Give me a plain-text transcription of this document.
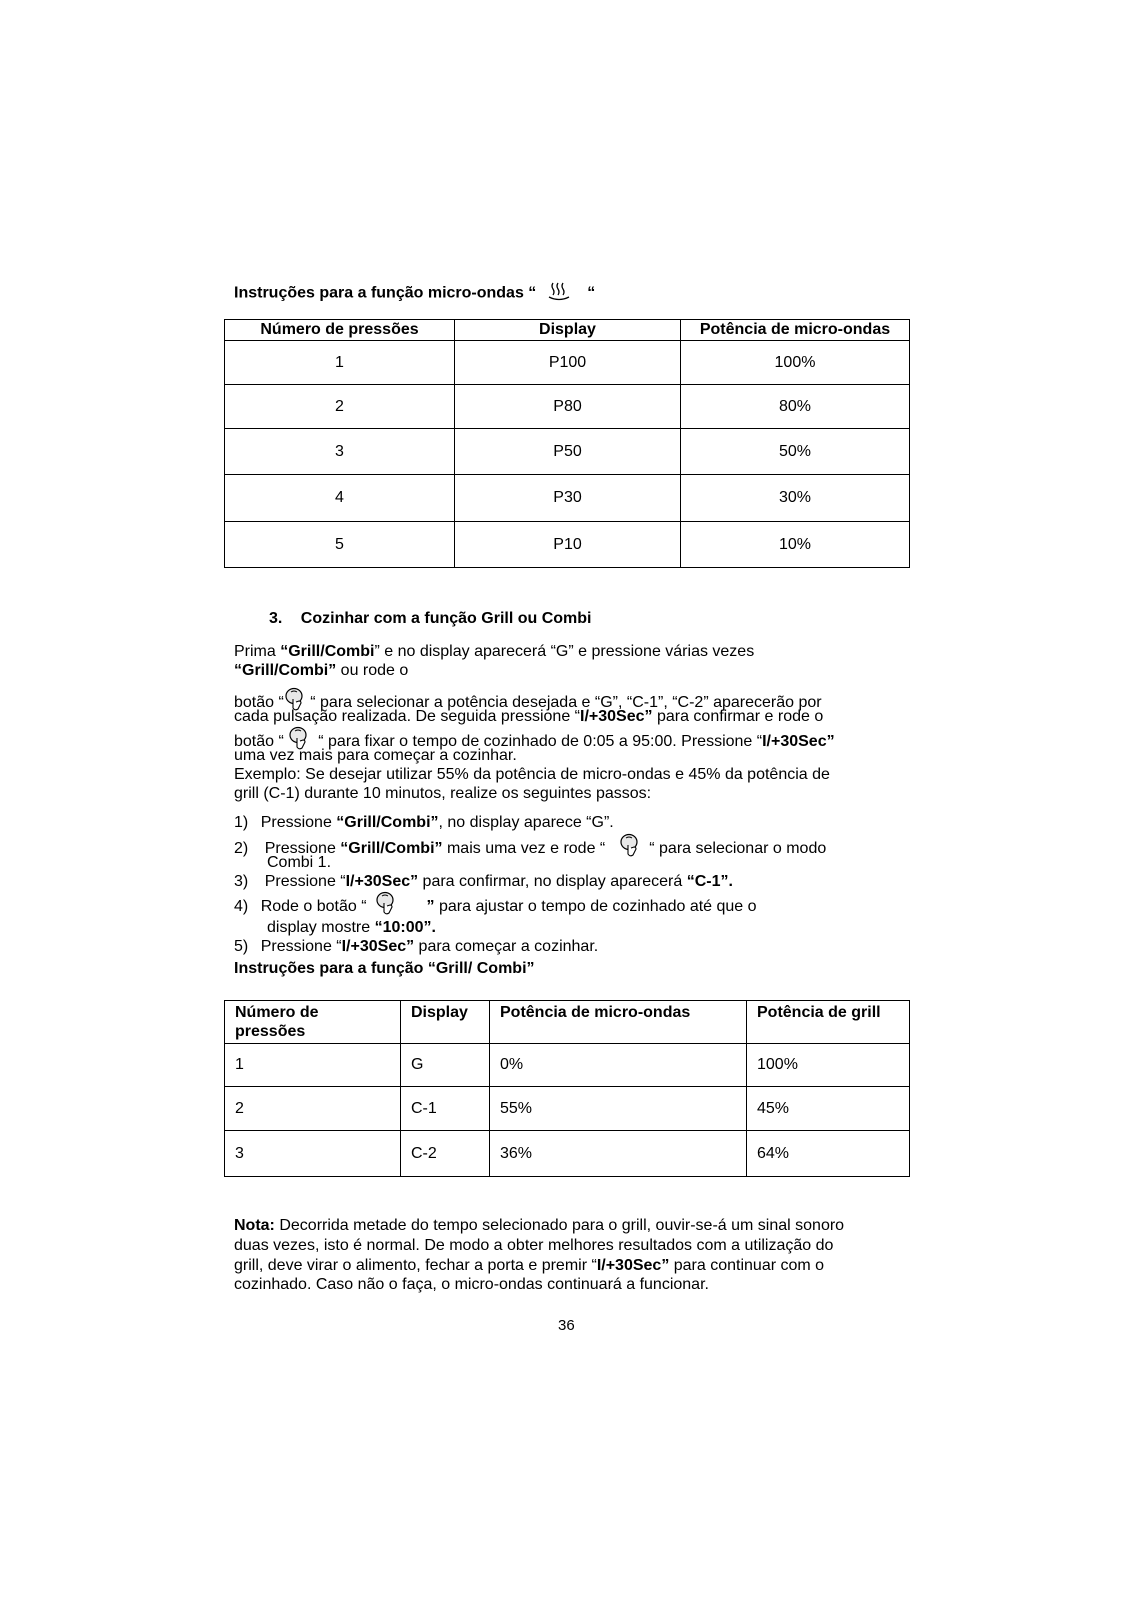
Instruções para a função micro-ondas “	“
Número de pressões	Display	Potência de micro-ondas
1	P100	100%
2	P80	80%
3	P50	50%
4	P30	30%
5	P10	10%
3. Cozinhar com a função Grill ou Combi
Prima “Grill/Combi” e no display aparecerá “G” e pressione várias vezes
“Grill/Combi” ou rode o
botão “ “ para selecionar a potência desejada e “G”, “C-1”, “C-2” aparecerão por
cada pulsação realizada. De seguida pressione “I/+30Sec” para confirmar e rode o
botão “ “ para fixar o tempo de cozinhado de 0:05 a 95:00. Pressione “I/+30Sec”
uma vez mais para começar a cozinhar.
Exemplo: Se desejar utilizar 55% da potência de micro-ondas e 45% da potência de
grill (C-1) durante 10 minutos, realize os seguintes passos:
1) Pressione “Grill/Combi”, no display aparece “G”.
2) Pressione “Grill/Combi” mais uma vez e rode “	“ para selecionar o modo
Combi 1.
3) Pressione “I/+30Sec” para confirmar, no display aparecerá “C-1”.
4) Rode o botão “	” para ajustar o tempo de cozinhado até que o
display mostre “10:00”.
5) Pressione “I/+30Sec” para começar a cozinhar.
Instruções para a função “Grill/ Combi”
Número de pressões	Display	Potência de micro-ondas	Potência de grill
1	G	0%	100%
2	C-1	55%	45%
3	C-2	36%	64%
Nota: Decorrida metade do tempo selecionado para o grill, ouvir-se-á um sinal sonoro
duas vezes, isto é normal. De modo a obter melhores resultados com a utilização do
grill, deve virar o alimento, fechar a porta e premir “I/+30Sec” para continuar com o
cozinhado. Caso não o faça, o micro-ondas continuará a funcionar.
36
